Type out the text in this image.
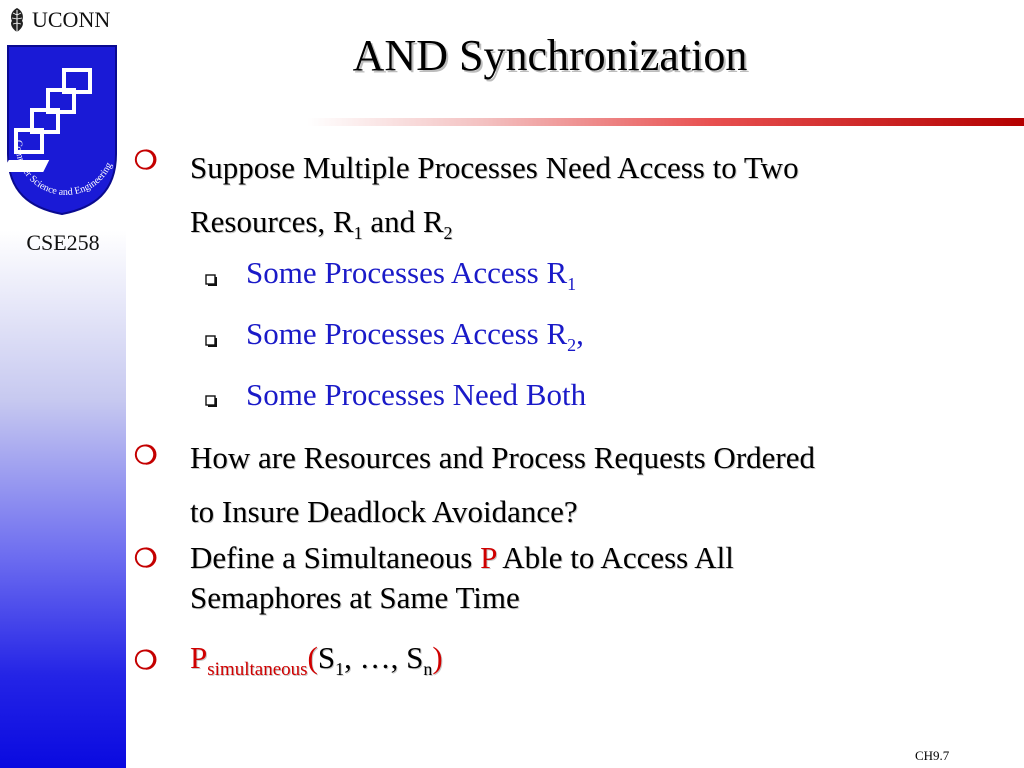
UCONN
Computer Science and Engineering
CSE258
AND Synchronization
❍ Suppose Multiple Processes Need Access to Two
Resources, $R_1$ and $R_2$
Some Processes Access $R_1$
Some Processes Access $R_2$,
Some Processes Need Both
❍ How are Resources and Process Requests Ordered
to Insure Deadlock Avoidance?
❍ Define a Simultaneous P Able to Access All
Semaphores at Same Time
❍ $P_{simultaneous}(S_1$, …, $S_n$)
CH9.7
